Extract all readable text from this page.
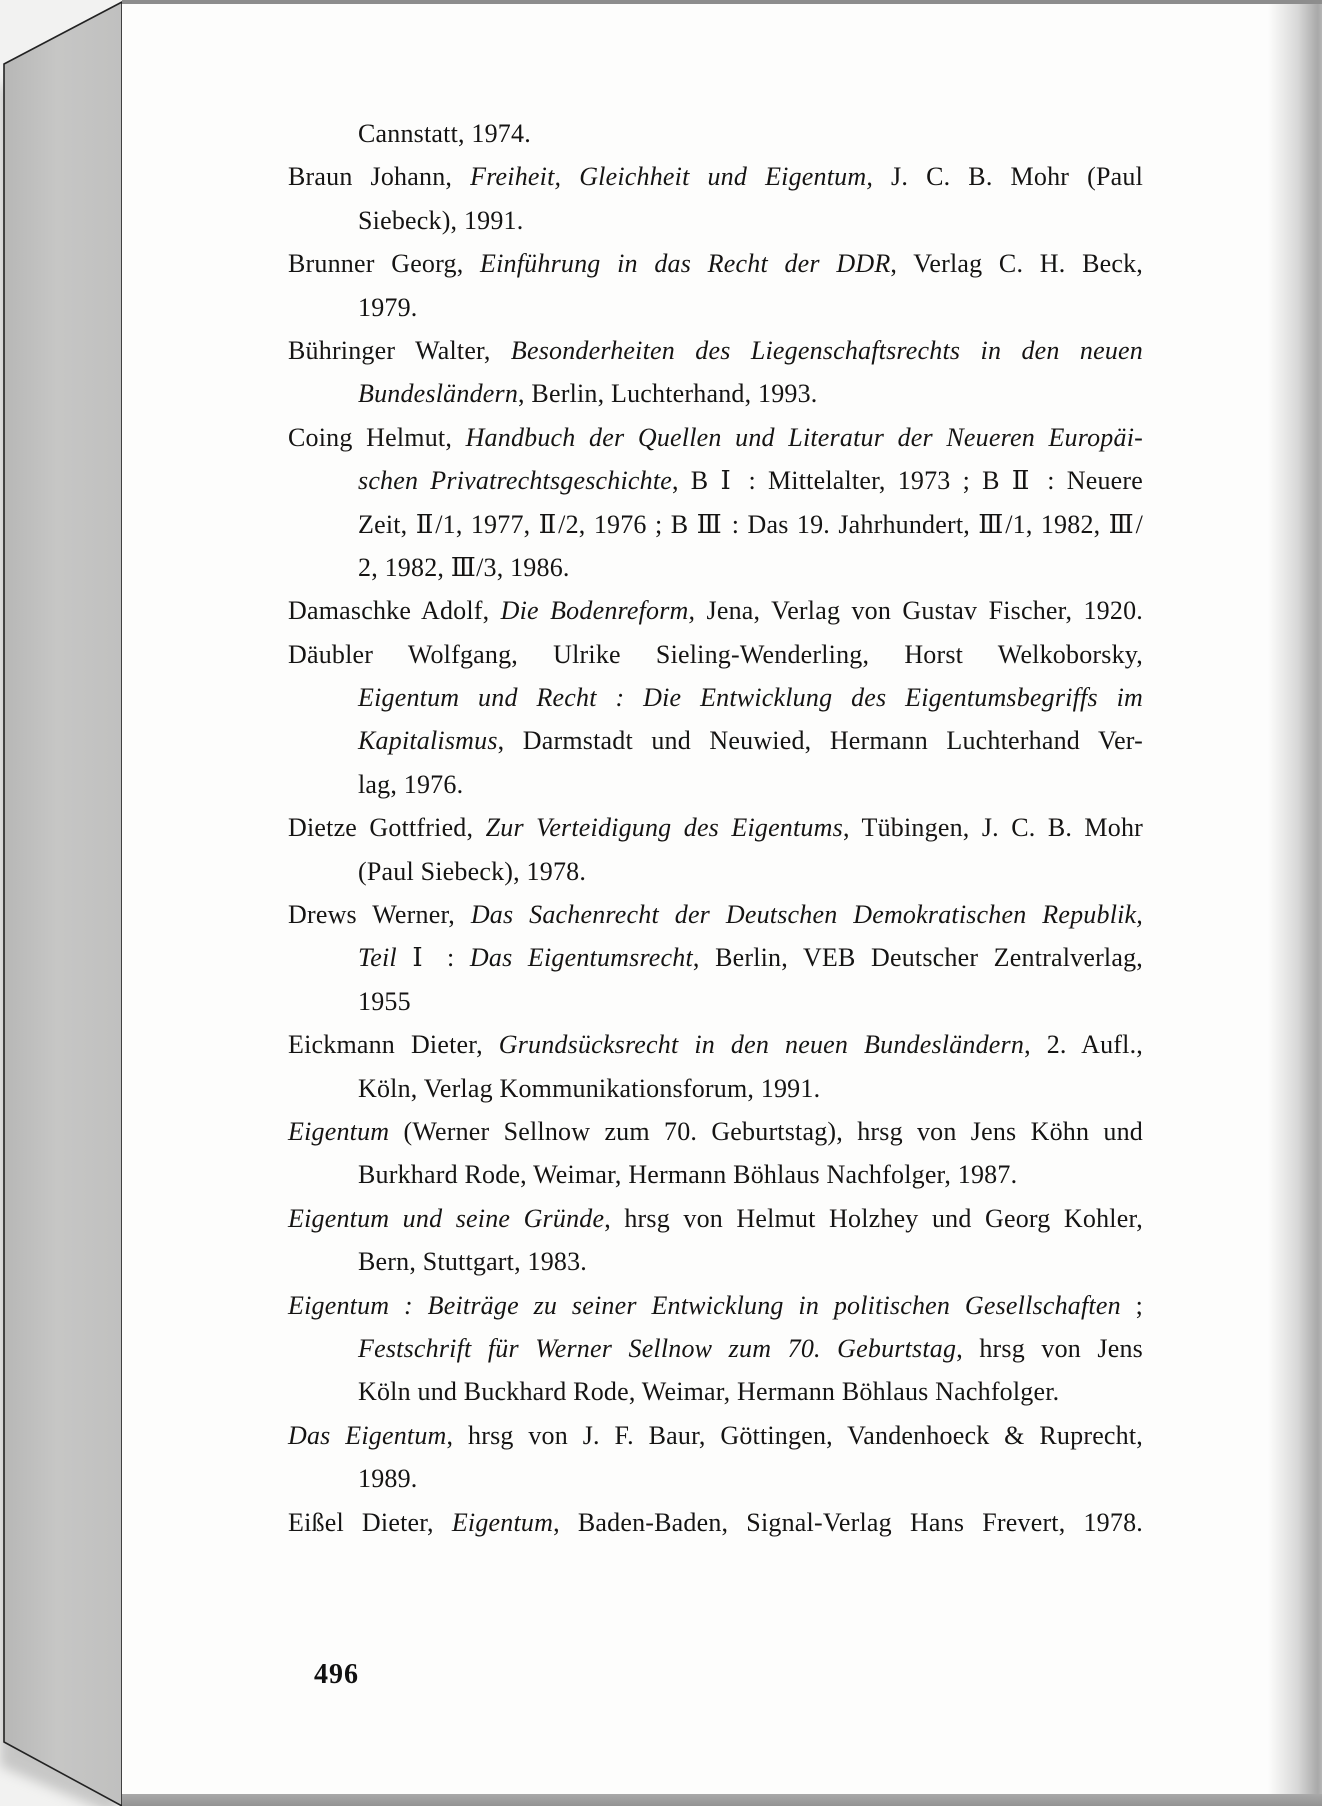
Cannstatt, 1974.
Braun Johann, Freiheit, Gleichheit und Eigentum, J. C. B. Mohr (Paul
Siebeck), 1991.
Brunner Georg, Einführung in das Recht der DDR, Verlag C. H. Beck,
1979.
Bühringer Walter, Besonderheiten des Liegenschaftsrechts in den neuen
Bundesländern, Berlin, Luchterhand, 1993.
Coing Helmut, Handbuch der Quellen und Literatur der Neueren Europäi-
schen Privatrechtsgeschichte, B Ⅰ : Mittelalter, 1973 ; B Ⅱ : Neuere
Zeit, Ⅱ/1, 1977, Ⅱ/2, 1976 ; B Ⅲ : Das 19. Jahrhundert, Ⅲ/1, 1982, Ⅲ/
2, 1982, Ⅲ/3, 1986.
Damaschke Adolf, Die Bodenreform, Jena, Verlag von Gustav Fischer, 1920.
Däubler Wolfgang, Ulrike Sieling-Wenderling, Horst Welkoborsky,
Eigentum und Recht : Die Entwicklung des Eigentumsbegriffs im
Kapitalismus, Darmstadt und Neuwied, Hermann Luchterhand Ver-
lag, 1976.
Dietze Gottfried, Zur Verteidigung des Eigentums, Tübingen, J. C. B. Mohr
(Paul Siebeck), 1978.
Drews Werner, Das Sachenrecht der Deutschen Demokratischen Republik,
Teil Ⅰ : Das Eigentumsrecht, Berlin, VEB Deutscher Zentralverlag,
1955
Eickmann Dieter, Grundsücksrecht in den neuen Bundesländern, 2. Aufl.,
Köln, Verlag Kommunikationsforum, 1991.
Eigentum (Werner Sellnow zum 70. Geburtstag), hrsg von Jens Köhn und
Burkhard Rode, Weimar, Hermann Böhlaus Nachfolger, 1987.
Eigentum und seine Gründe, hrsg von Helmut Holzhey und Georg Kohler,
Bern, Stuttgart, 1983.
Eigentum : Beiträge zu seiner Entwicklung in politischen Gesellschaften ;
Festschrift für Werner Sellnow zum 70. Geburtstag, hrsg von Jens
Köln und Buckhard Rode, Weimar, Hermann Böhlaus Nachfolger.
Das Eigentum, hrsg von J. F. Baur, Göttingen, Vandenhoeck & Ruprecht,
1989.
Eißel Dieter, Eigentum, Baden-Baden, Signal-Verlag Hans Frevert, 1978.
496
